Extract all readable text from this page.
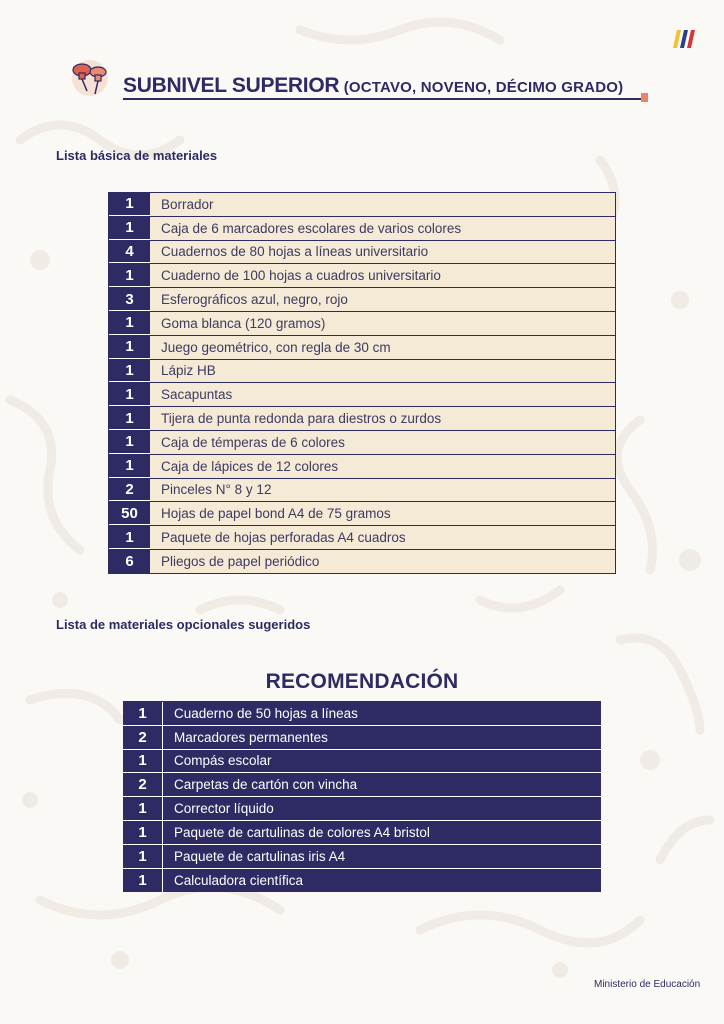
SUBNIVEL SUPERIOR (OCTAVO, NOVENO, DÉCIMO GRADO)
Lista básica de materiales
1	Borrador
1	Caja de 6 marcadores escolares de varios colores
4	Cuadernos de 80 hojas a líneas universitario
1	Cuaderno de 100 hojas a cuadros universitario
3	Esferográficos azul, negro, rojo
1	Goma blanca (120 gramos)
1	Juego geométrico, con regla de 30 cm
1	Lápiz HB
1	Sacapuntas
1	Tijera de punta redonda para diestros o zurdos
1	Caja de témperas de 6 colores
1	Caja de lápices de 12 colores
2	Pinceles N° 8 y 12
50	Hojas de papel bond A4 de 75 gramos
1	Paquete de hojas perforadas A4 cuadros
6	Pliegos de papel periódico
Lista de materiales opcionales sugeridos
RECOMENDACIÓN
1	Cuaderno de 50 hojas a líneas
2	Marcadores permanentes
1	Compás escolar
2	Carpetas de cartón con vincha
1	Corrector líquido
1	Paquete de cartulinas de colores A4 bristol
1	Paquete de cartulinas iris A4
1	Calculadora científica
Ministerio de Educación
